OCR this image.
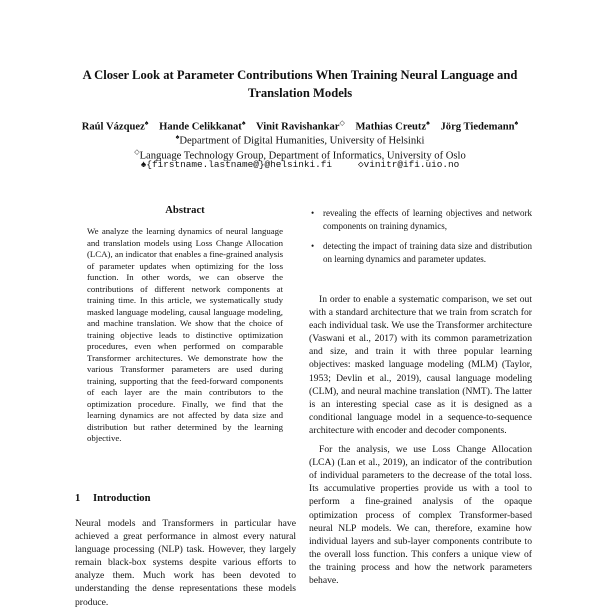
A Closer Look at Parameter Contributions When Training Neural Language and Translation Models
Raúl Vázquez♠ Hande Celikkanat♠ Vinit Ravishankar◇ Mathias Creutz♠ Jörg Tiedemann♠
♠Department of Digital Humanities, University of Helsinki
◇Language Technology Group, Department of Informatics, University of Oslo
♠{firstname.lastname@}@helsinki.fi	◇vinitr@ifi.uio.no
Abstract
We analyze the learning dynamics of neural language and translation models using Loss Change Allocation (LCA), an indicator that enables a fine-grained analysis of parameter updates when optimizing for the loss function. In other words, we can observe the contributions of different network components at training time. In this article, we systematically study masked language modeling, causal language modeling, and machine translation. We show that the choice of training objective leads to distinctive optimization procedures, even when performed on comparable Transformer architectures. We demonstrate how the various Transformer parameters are used during training, supporting that the feed-forward components of each layer are the main contributors to the optimization procedure. Finally, we find that the learning dynamics are not affected by data size and distribution but rather determined by the learning objective.
1 Introduction
Neural models and Transformers in particular have achieved a great performance in almost every natural language processing (NLP) task. However, they largely remain black-box systems despite various efforts to analyze them. Much work has been devoted to understanding the dense representations these models produce.
• revealing the effects of learning objectives and network components on training dynamics,
• detecting the impact of training data size and distribution on learning dynamics and parameter updates.

In order to enable a systematic comparison, we set out with a standard architecture that we train from scratch for each individual task. We use the Transformer architecture (Vaswani et al., 2017) with its common parametrization and size, and train it with three popular learning objectives: masked language modeling (MLM) (Taylor, 1953; Devlin et al., 2019), causal language modeling (CLM), and neural machine translation (NMT). The latter is an interesting special case as it is designed as a conditional language model in a sequence-to-sequence architecture with encoder and decoder components.

For the analysis, we use Loss Change Allocation (LCA) (Lan et al., 2019), an indicator of the contribution of individual parameters to the decrease of the total loss. Its accumulative properties provide us with a tool to perform a fine-grained analysis of the opaque optimization process of complex Transformer-based neural NLP models. We can, therefore, examine how individual layers and sub-layer components contribute to the overall loss function. This confers a unique view of the training process and how the network parameters behave.
